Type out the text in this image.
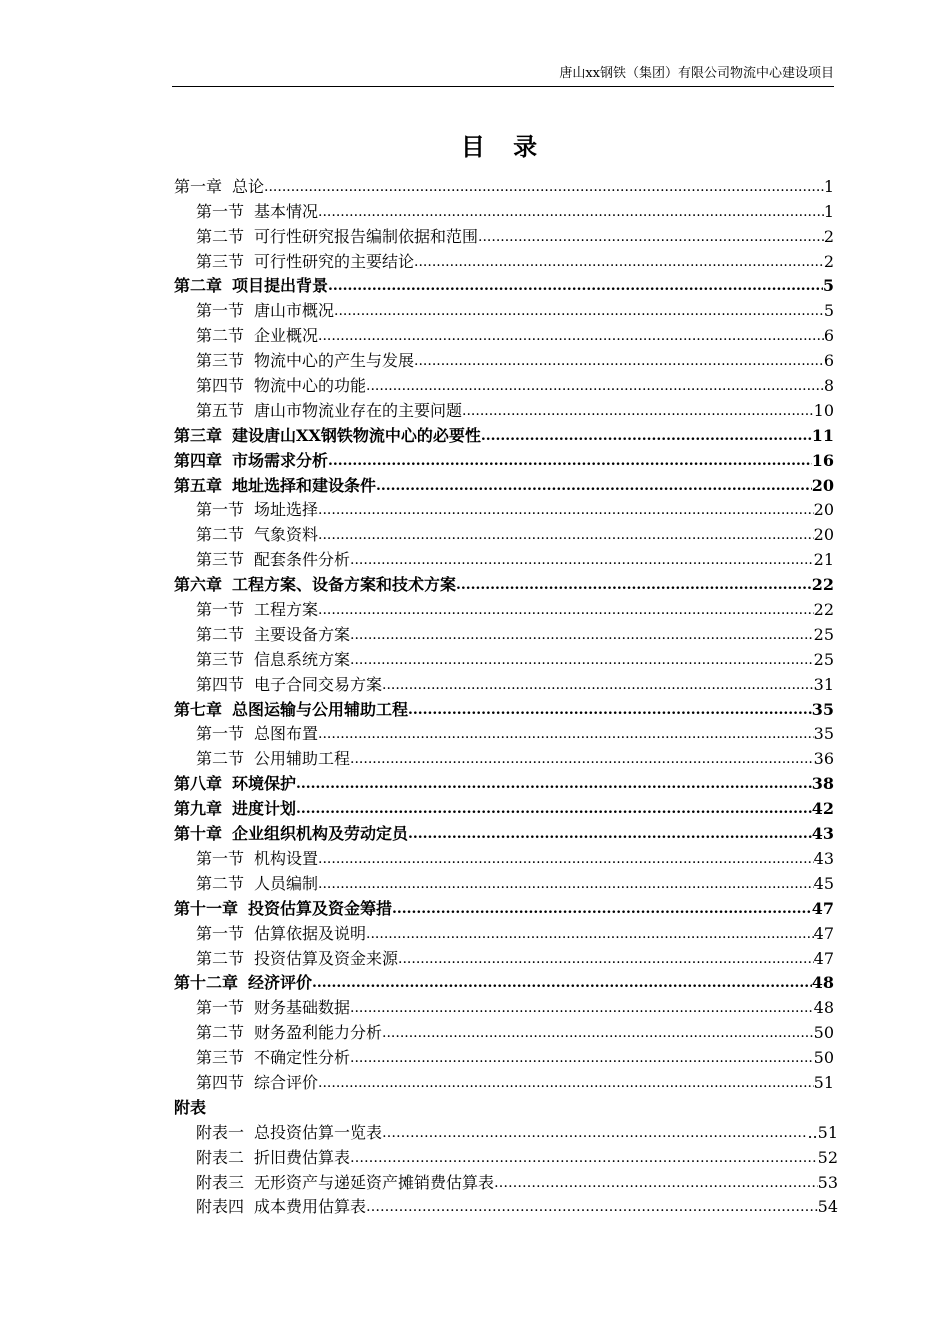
唐山xx钢铁（集团）有限公司物流中心建设项目
目 录
第一章 总论 .....	1
第一节 基本情况 .....	1
第二节 可行性研究报告编制依据和范围 .....	2
第三节 可行性研究的主要结论 .....	2
第二章 项目提出背景 .....	5
第一节 唐山市概况 .....	5
第二节 企业概况 .....	6
第三节 物流中心的产生与发展 .....	6
第四节 物流中心的功能 .....	8
第五节 唐山市物流业存在的主要问题 .....	10
第三章 建设唐山XX钢铁物流中心的必要性 .....	11
第四章 市场需求分析 .....	16
第五章 地址选择和建设条件 .....	20
第一节 场址选择 .....	20
第二节 气象资料 .....	20
第三节 配套条件分析 .....	21
第六章 工程方案、设备方案和技术方案 .....	22
第一节 工程方案 .....	22
第二节 主要设备方案 .....	25
第三节 信息系统方案 .....	25
第四节 电子合同交易方案 .....	31
第七章 总图运输与公用辅助工程 .....	35
第一节 总图布置 .....	35
第二节 公用辅助工程 .....	36
第八章 环境保护 .....	38
第九章 进度计划 .....	42
第十章 企业组织机构及劳动定员 .....	43
第一节 机构设置 .....	43
第二节 人员编制 .....	45
第十一章 投资估算及资金筹措 .....	47
第一节 估算依据及说明 .....	47
第二节 投资估算及资金来源 .....	47
第十二章 经济评价 .....	48
第一节 财务基础数据 .....	48
第二节 财务盈利能力分析 .....	50
第三节 不确定性分析 .....	50
第四节 综合评价 .....	51
附表
附表一 总投资估算一览表 ……………………………………………………………………………………………………………………………	..51
附表二 折旧费估算表 ……………………………………………………………………………………………………………………………	52
附表三 无形资产与递延资产摊销费估算表 ……………………………………………………………………………………………………………………………	53
附表四 成本费用估算表 ……………………………………………………………………………………………………………………………	54
